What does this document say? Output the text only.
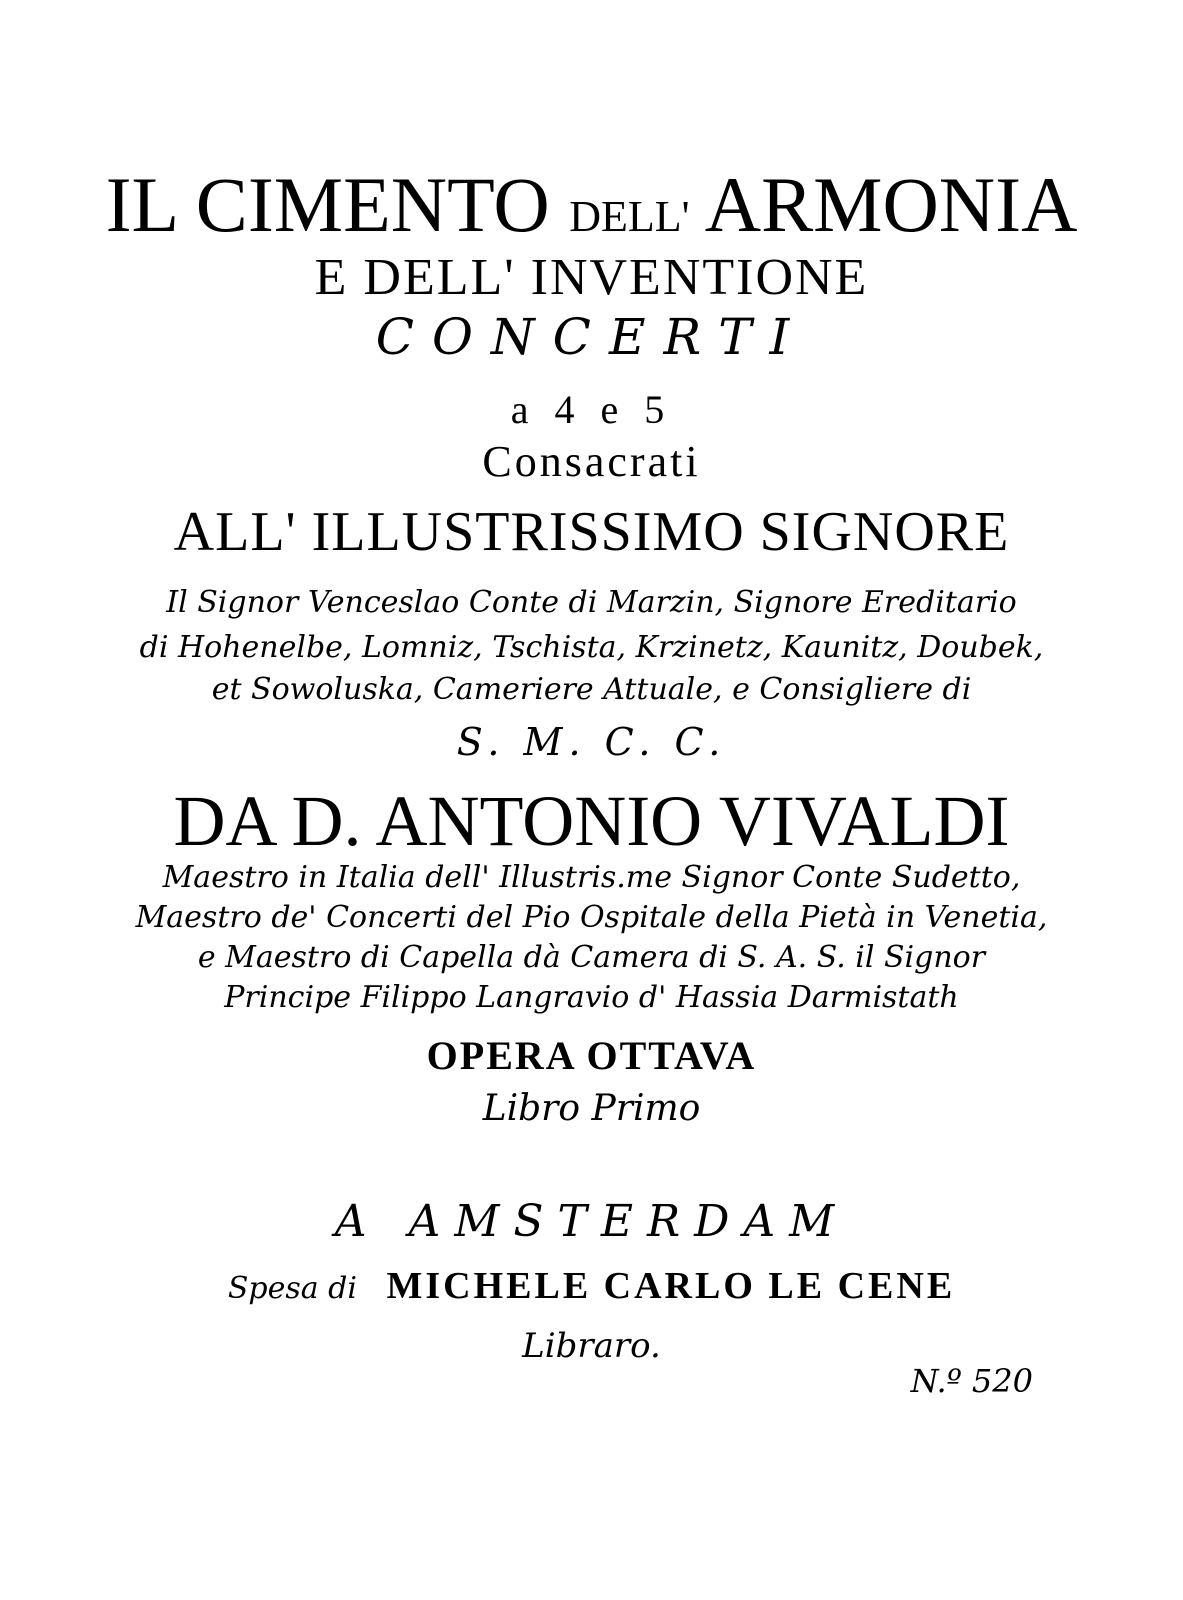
IL CIMENTO DELL' ARMONIA
E DELL' INVENTIONE
CONCERTI
a 4 e 5
Consacrati
ALL' ILLUSTRISSIMO SIGNORE
Il Signor Venceslao Conte di Marzin, Signore Ereditario
di Hohenelbe, Lomniz, Tschista, Krzinetz, Kaunitz, Doubek,
et Sowoluska, Cameriere Attuale, e Consigliere di
S. M. C. C.
DA D. ANTONIO VIVALDI
Maestro in Italia dell' Illustris.me Signor Conte Sudetto,
Maestro de' Concerti del Pio Ospitale della Pietà in Venetia,
e Maestro di Capella dà Camera di S. A. S. il Signor
Principe Filippo Langravio d' Hassia Darmistath
OPERA OTTAVA
Libro Primo
A AMSTERDAM
Spesa di MICHELE CARLO LE CENE
Libraro.
N.º 520
